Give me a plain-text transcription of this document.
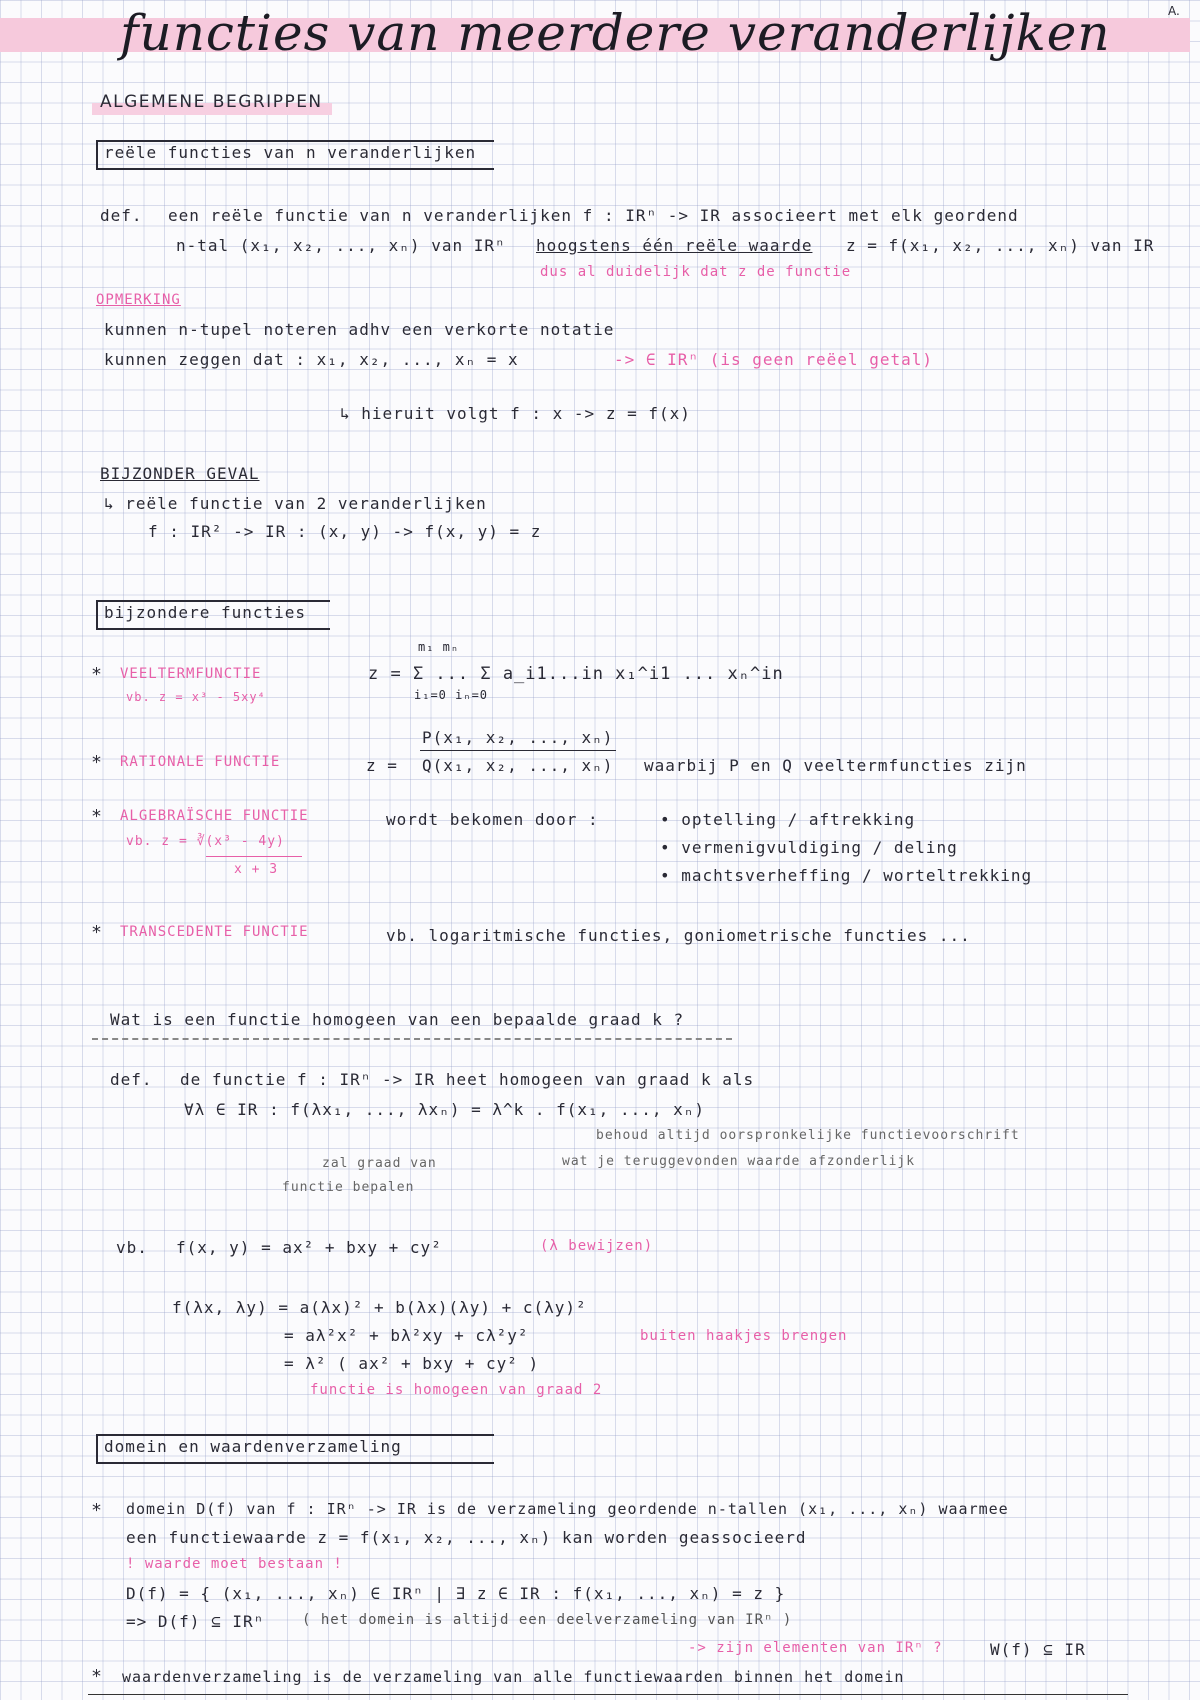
functies van meerdere veranderlijken	A.
ALGEMENE BEGRIPPEN
reële functies van n veranderlijken
def. een reële functie van n veranderlijken f : IRⁿ -> IR associeert met elk geordend
n-tal (x₁, x₂, ..., xₙ) van IRⁿ hoogstens één reële waarde z = f(x₁, x₂, ..., xₙ) van IR
dus al duidelijk dat z de functie
OPMERKING
kunnen n-tupel noteren adhv een verkorte notatie
kunnen zeggen dat : x₁, x₂, ..., xₙ = x	-> ∈ IRⁿ (is geen reëel getal)
↳ hieruit volgt f : x -> z = f(x)
BIJZONDER GEVAL
↳ reële functie van 2 veranderlijken
f : IR² -> IR : (x, y) -> f(x, y) = z
bijzondere functies
* VEELTERMFUNCTIE
vb. z = x³ - 5xy⁴
m₁ mₙ
z = Σ ... Σ a_i1...in x₁^i1 ... xₙ^in
i₁=0 iₙ=0
* RATIONALE FUNCTIE	z =
P(x₁, x₂, ..., xₙ)
Q(x₁, x₂, ..., xₙ) waarbij P en Q veeltermfuncties zijn
* ALGEBRAÏSCHE FUNCTIE
vb. z = ∛(x³ - 4y)
x + 3
wordt bekomen door :	• optelling / aftrekking
• vermenigvuldiging / deling
• machtsverheffing / worteltrekking
* TRANSCEDENTE FUNCTIE	vb. logaritmische functies, goniometrische functies ...
Wat is een functie homogeen van een bepaalde graad k ?
def. de functie f : IRⁿ -> IR heet homogeen van graad k als
∀λ ∈ IR : f(λx₁, ..., λxₙ) = λ^k . f(x₁, ..., xₙ)
behoud altijd oorspronkelijke functievoorschrift
wat je teruggevonden waarde afzonderlijk
zal graad van
functie bepalen
vb. f(x, y) = ax² + bxy + cy²	(λ bewijzen)
f(λx, λy) = a(λx)² + b(λx)(λy) + c(λy)²
= aλ²x² + bλ²xy + cλ²y²	buiten haakjes brengen
= λ² ( ax² + bxy + cy² )
functie is homogeen van graad 2
domein en waardenverzameling
* domein D(f) van f : IRⁿ -> IR is de verzameling geordende n-tallen (x₁, ..., xₙ) waarmee
een functiewaarde z = f(x₁, x₂, ..., xₙ) kan worden geassocieerd
! waarde moet bestaan !
D(f) = { (x₁, ..., xₙ) ∈ IRⁿ | ∃ z ∈ IR : f(x₁, ..., xₙ) = z }
=> D(f) ⊆ IRⁿ	( het domein is altijd een deelverzameling van IRⁿ )
-> zijn elementen van IRⁿ ?	W(f) ⊆ IR
* waardenverzameling is de verzameling van alle functiewaarden binnen het domein
